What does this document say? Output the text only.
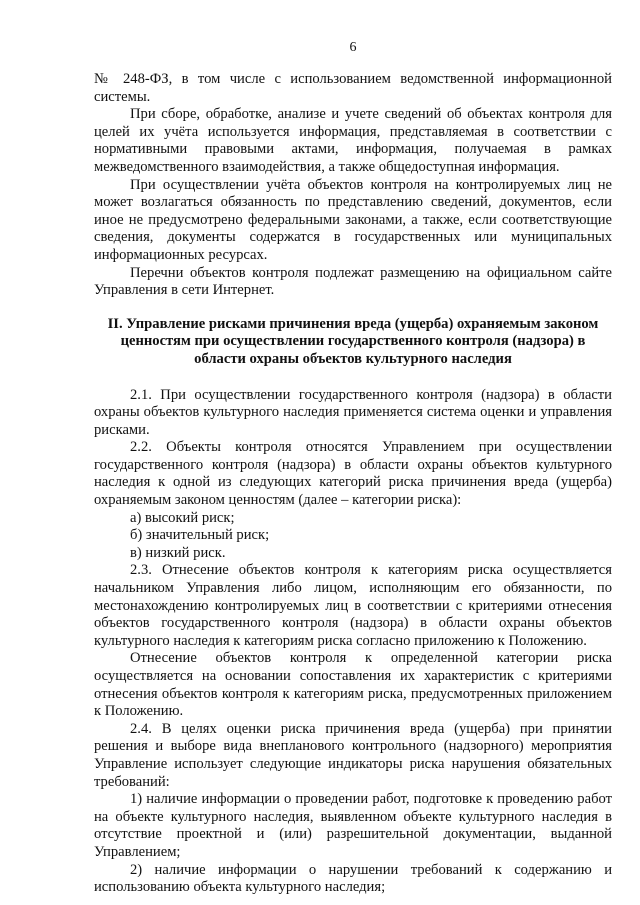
6

№ 248-ФЗ, в том числе с использованием ведомственной информационной системы.

При сборе, обработке, анализе и учете сведений об объектах контроля для целей их учёта используется информация, представляемая в соответствии с нормативными правовыми актами, информация, получаемая в рамках межведомственного взаимодействия, а также общедоступная информация.

При осуществлении учёта объектов контроля на контролируемых лиц не может возлагаться обязанность по представлению сведений, документов, если иное не предусмотрено федеральными законами, а также, если соответствующие сведения, документы содержатся в государственных или муниципальных информационных ресурсах.

Перечни объектов контроля подлежат размещению на официальном сайте Управления в сети Интернет.

II. Управление рисками причинения вреда (ущерба) охраняемым законом ценностям при осуществлении государственного контроля (надзора) в области охраны объектов культурного наследия

2.1. При осуществлении государственного контроля (надзора) в области охраны объектов культурного наследия применяется система оценки и управления рисками.

2.2. Объекты контроля относятся Управлением при осуществлении государственного контроля (надзора) в области охраны объектов культурного наследия к одной из следующих категорий риска причинения вреда (ущерба) охраняемым законом ценностям (далее – категории риска):

а) высокий риск;

б) значительный риск;

в) низкий риск.

2.3. Отнесение объектов контроля к категориям риска осуществляется начальником Управления либо лицом, исполняющим его обязанности, по местонахождению контролируемых лиц в соответствии с критериями отнесения объектов государственного контроля (надзора) в области охраны объектов культурного наследия к категориям риска согласно приложению к Положению.

Отнесение объектов контроля к определенной категории риска осуществляется на основании сопоставления их характеристик с критериями отнесения объектов контроля к категориям риска, предусмотренных приложением к Положению.

2.4. В целях оценки риска причинения вреда (ущерба) при принятии решения и выборе вида внепланового контрольного (надзорного) мероприятия Управление использует следующие индикаторы риска нарушения обязательных требований:

1) наличие информации о проведении работ, подготовке к проведению работ на объекте культурного наследия, выявленном объекте культурного наследия в отсутствие проектной и (или) разрешительной документации, выданной Управлением;

2) наличие информации о нарушении требований к содержанию и использованию объекта культурного наследия;
